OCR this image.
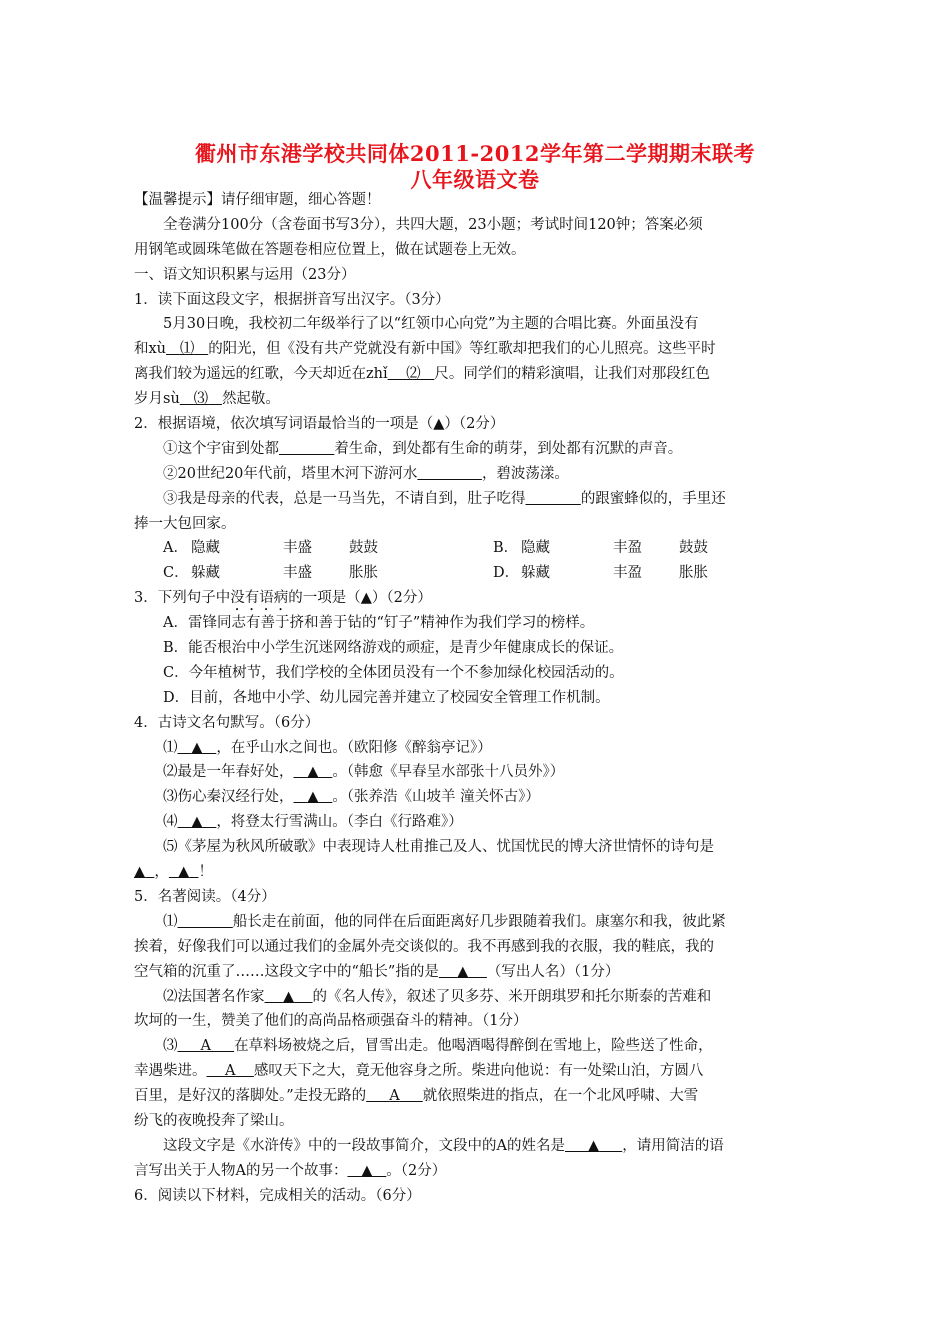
衢州市东港学校共同体2011-2012学年第二学期期末联考
八年级语文卷
【温馨提示】请仔细审题，细心答题！
全卷满分100分（含卷面书写3分），共四大题，23小题；考试时间120钟；答案必须
用钢笔或圆珠笔做在答题卷相应位置上，做在试题卷上无效。
一、语文知识积累与运用（23分）
1．读下面这段文字，根据拼音写出汉字。（3分）
5月30日晚，我校初二年级举行了以“红领巾心向党”为主题的合唱比赛。外面虽没有
和xù ⑴ 的阳光，但《没有共产党就没有新中国》等红歌却把我们的心儿照亮。这些平时
离我们较为遥远的红歌，今天却近在zhǐ ⑵ 尺。同学们的精彩演唱，让我们对那段红色
岁月sù ⑶ 然起敬。
2．根据语境，依次填写词语最恰当的一项是（▲）（2分）
①这个宇宙到处都	着生命，到处都有生命的萌芽，到处都有沉默的声音。
②20世纪20年代前，塔里木河下游河水	，碧波荡漾。
③我是母亲的代表，总是一马当先，不请自到，肚子吃得	的跟蜜蜂似的，手里还
捧一大包回家。
A． 隐藏	丰盛	鼓鼓	B． 隐藏	丰盈	鼓鼓
C． 躲藏	丰盛	胀胀	D． 躲藏	丰盈	胀胀
3．下列句子中没有语病的一项是（▲）（2分）
A．雷锋同志有善于挤和善于钻的“钉子”精神作为我们学习的榜样。
B．能否根治中小学生沉迷网络游戏的顽症，是青少年健康成长的保证。
C．今年植树节，我们学校的全体团员没有一个不参加绿化校园活动的。
D．目前，各地中小学、幼儿园完善并建立了校园安全管理工作机制。
4．古诗文名句默写。（6分）
⑴ ▲ ，在乎山水之间也。（欧阳修《醉翁亭记》）
⑵最是一年春好处， ▲ 。（韩愈《早春呈水部张十八员外》）
⑶伤心秦汉经行处， ▲ 。（张养浩《山坡羊 潼关怀古》）
⑷ ▲ ，将登太行雪满山。（李白《行路难》）
⑸《茅屋为秋风所破歌》中表现诗人杜甫推己及人、忧国忧民的博大济世情怀的诗句是
▲ ， ▲ ！
5．名著阅读。（4分）
⑴	船长走在前面，他的同伴在后面距离好几步跟随着我们。康塞尔和我，彼此紧
挨着，好像我们可以通过我们的金属外壳交谈似的。我不再感到我的衣服，我的鞋底，我的
空气箱的沉重了……这段文字中的“船长”指的是 ▲ （写出人名）（1分）
⑵法国著名作家 ▲ 的《名人传》，叙述了贝多芬、米开朗琪罗和托尔斯泰的苦难和
坎坷的一生，赞美了他们的高尚品格顽强奋斗的精神。（1分）
⑶ A 在草料场被烧之后，冒雪出走。他喝酒喝得醉倒在雪地上，险些送了性命，
幸遇柴进。 A 感叹天下之大，竟无他容身之所。柴进向他说：有一处梁山泊，方圆八
百里，是好汉的落脚处。”走投无路的 A 就依照柴进的指点，在一个北风呼啸、大雪
纷飞的夜晚投奔了梁山。
这段文字是《水浒传》中的一段故事简介，文段中的A的姓名是 ▲ ，请用简洁的语
言写出关于人物A的另一个故事： ▲ 。（2分）
6．阅读以下材料，完成相关的活动。（6分）
